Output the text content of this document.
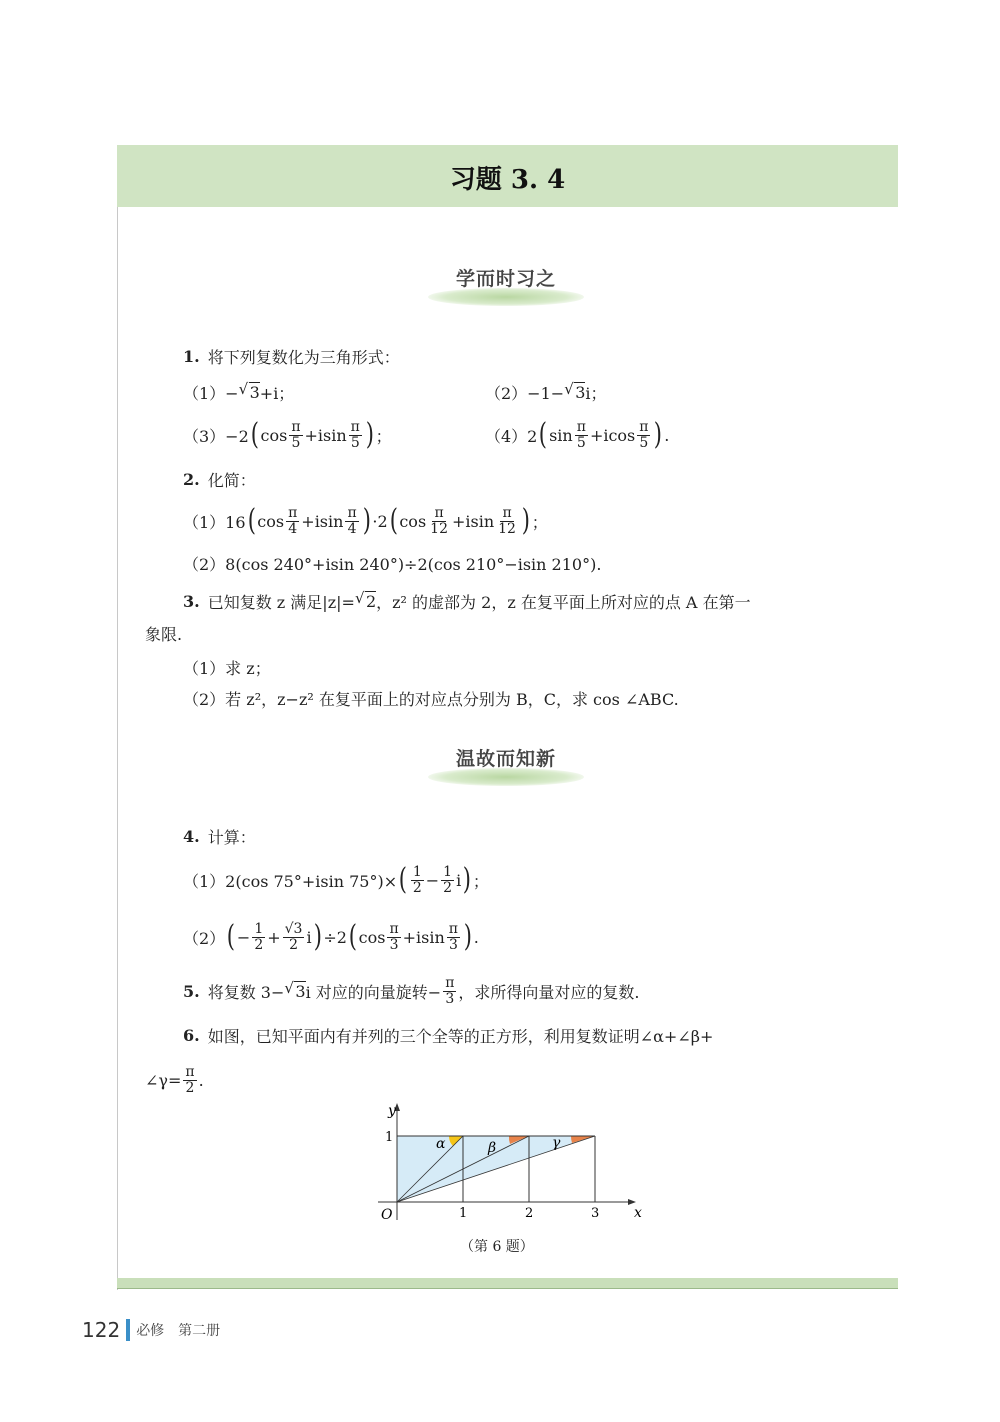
习题 3. 4
学而时习之
温故而知新
1. 将下列复数化为三角形式：
（1）− √ 3 +i；	（2）−1− √ 3 i；
（3）−2 ( $\cos \frac{\pi}{5} +isin \frac{\pi}{5}$ ) ；	（4）2 ( $\sin \frac{\pi}{5} +icos \frac{\pi}{5}$ ) .
2. 化简：
（1）16 ( $\cos \frac{\pi}{4} +isin \frac{\pi}{4}$ ) ·2 ( $\cos \frac{\pi}{12} +isin \frac{\pi}{12}$ ) ；
（2）8(cos 240°+isin 240°)÷2(cos 210°−isin 210°).
3. 已知复数 z 满足|z|= √ 2 ，z² 的虚部为 2，z 在复平面上所对应的点 A 在第一
象限.
（1）求 z；
（2）若 z²，z−z² 在复平面上的对应点分别为 B，C，求 cos ∠ABC.
4. 计算：
（1）2(cos 75°+isin 75°)× ( $\frac{1}{2} - \frac{1}{2}$ i ) ；
（2） ( − $\frac{1}{2} + \frac{√3}{2}$ i ) ÷2 ( $\cos \frac{\pi}{3} +isin \frac{\pi}{3}$ ) .
5. 将复数 3− √ 3 i 对应的向量旋转− $\frac{\pi}{3}$ ，求所得向量对应的复数.
6. 如图，已知平面内有并列的三个全等的正方形，利用复数证明∠α+∠β+
∠γ= $\frac{\pi}{2}$ .
y
x
O
1
1	2	3
α	β	γ
（第 6 题）
122 必修　第二册
